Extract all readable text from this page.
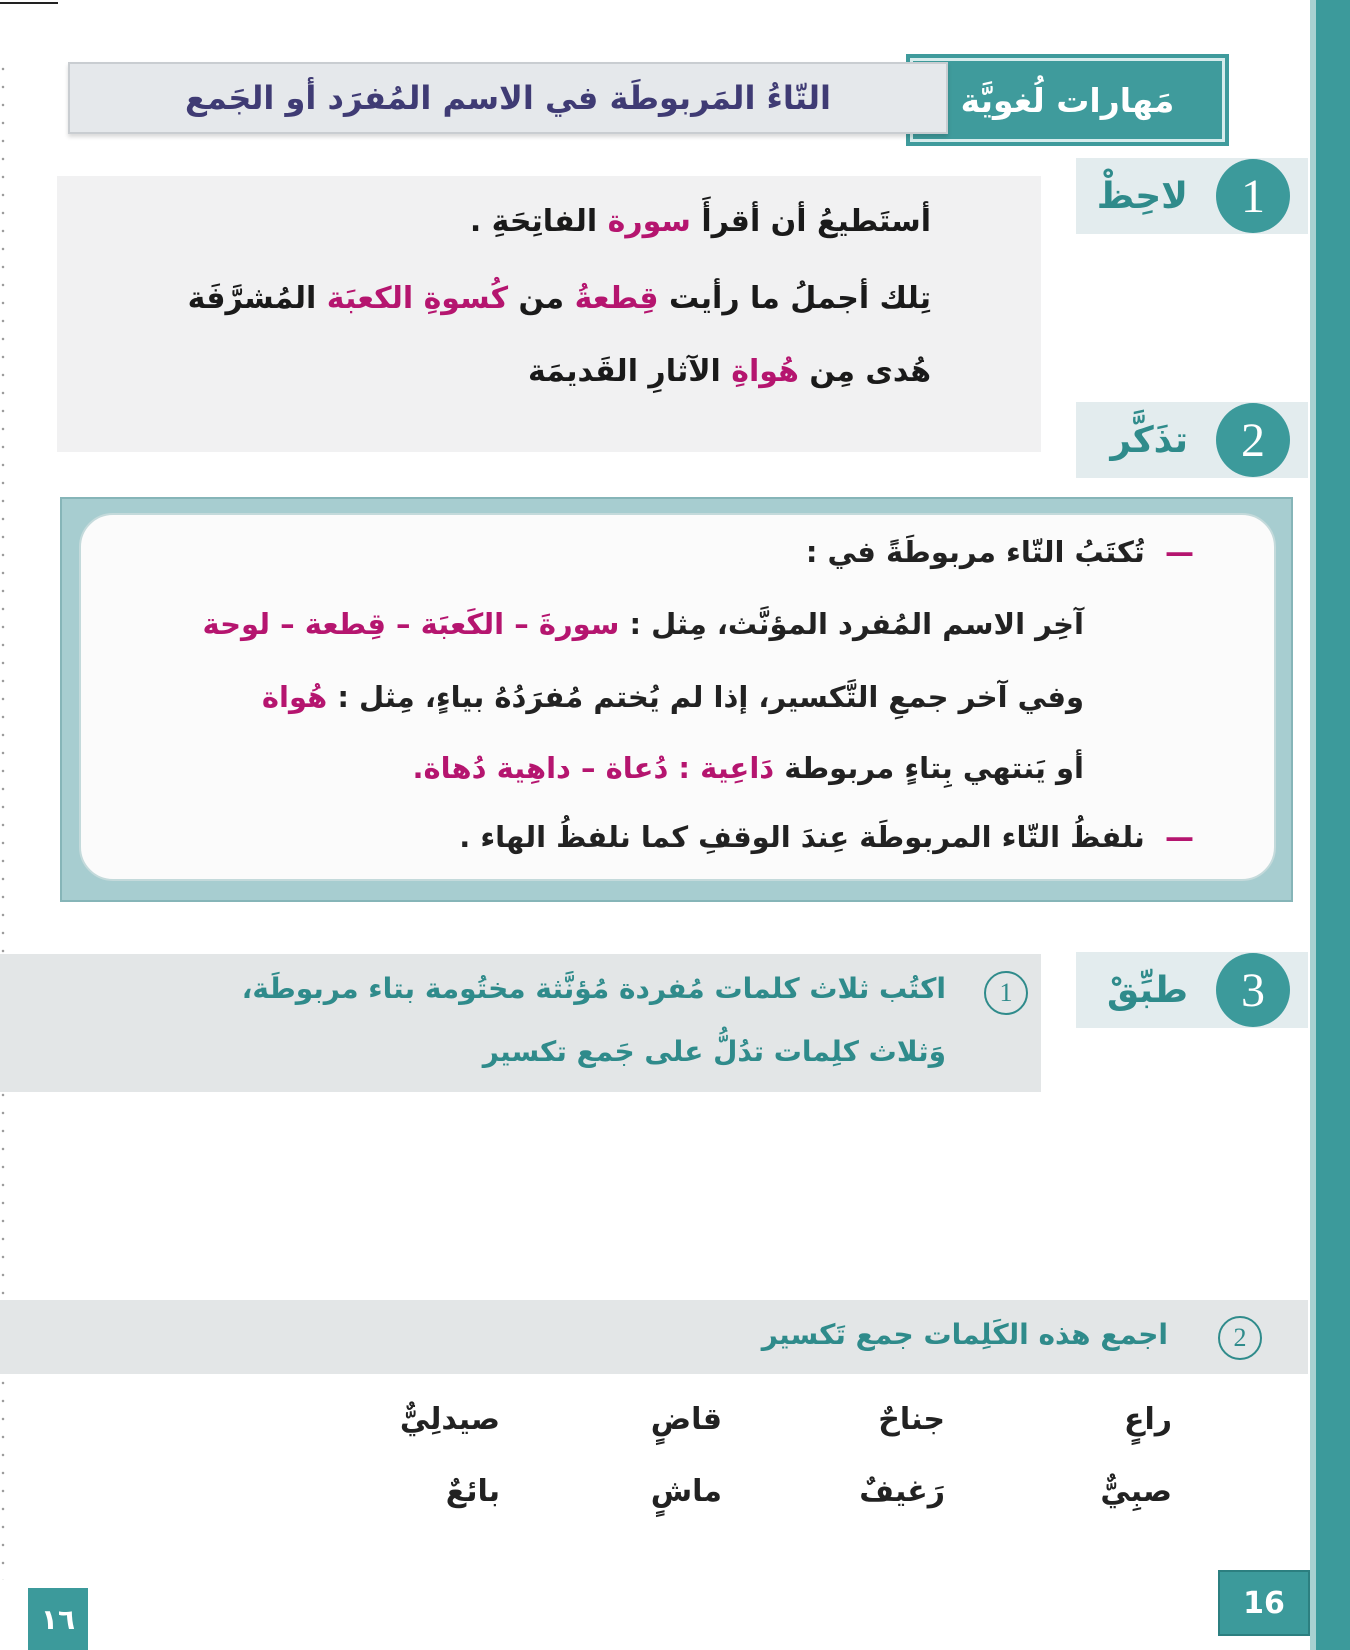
مَهارات لُغويَّة
التّاءُ المَربوطَة في الاسم المُفرَد أو الجَمع
1
لاحِظْ
أستَطيعُ أن أقرأَ سورة الفاتِحَةِ .
تِلك أجملُ ما رأيت قِطعةُ من كُسوةِ الكعبَة المُشرَّفَة
هُدى مِن هُواةِ الآثارِ القَديمَة
2
تذَكَّر
—  تُكتَبُ التّاء مربوطَةً في :
آخِر الاسم المُفرد المؤنَّث، مِثل : سورةَ – الكَعبَة – قِطعة – لوحة
وفي آخر جمعِ التَّكسير، إذا لم يُختم مُفرَدُهُ بياءٍ، مِثل : هُواة
أو يَنتهي بِتاءٍ مربوطة دَاعِية : دُعاة – داهِية دُهاة.
—  نلفظُ التّاء المربوطَة عِندَ الوقفِ كما نلفظُ الهاء .
3
طبِّقْ
1
اكتُب ثلاث كلمات مُفردة مُؤنَّثة مختُومة بتاء مربوطَة،
وَثلاث كلِمات تدُلُّ على جَمع تكسير
2
اجمع هذه الكَلِمات جمع تَكسير
راعٍ
جناحٌ
قاضٍ
صيدلِيٌّ
صبِيٌّ
رَغيفٌ
ماشٍ
بائعٌ
16
١٦
